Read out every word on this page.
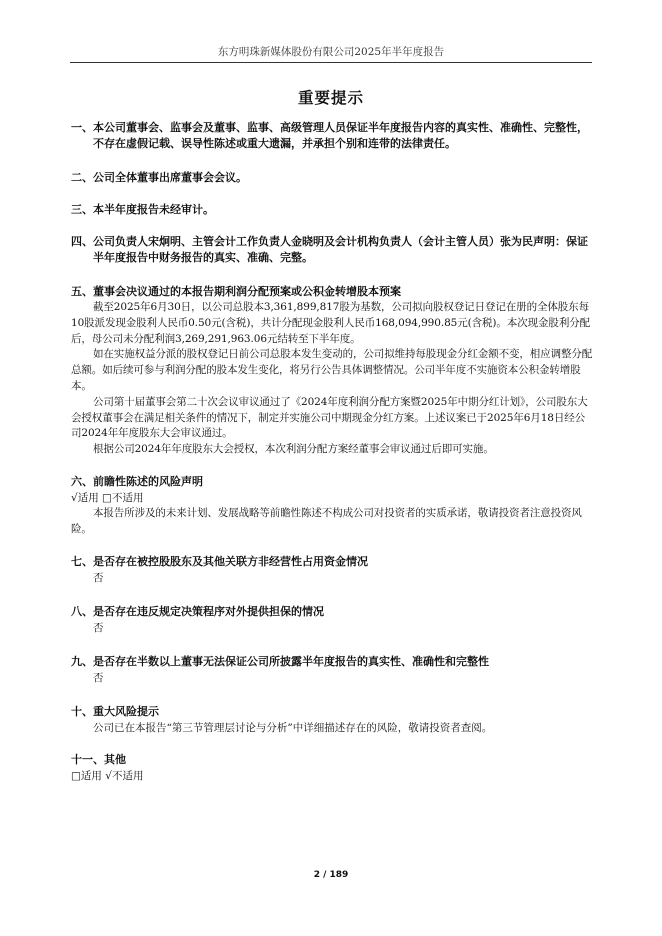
东方明珠新媒体股份有限公司2025年半年度报告
重要提示
一、 本公司董事会、监事会及董事、监事、高级管理人员保证半年度报告内容的真实性、准确性、完整性，不存在虚假记载、误导性陈述或重大遗漏，并承担个别和连带的法律责任。
二、 公司全体董事出席董事会会议。
三、 本半年度报告未经审计。
四、 公司负责人宋炯明、主管会计工作负责人金晓明及会计机构负责人（会计主管人员）张为民声明：保证半年度报告中财务报告的真实、准确、完整。
五、 董事会决议通过的本报告期利润分配预案或公积金转增股本预案
截至2025年6月30日，以公司总股本3,361,899,817股为基数，公司拟向股权登记日登记在册的全体股东每10股派发现金股利人民币0.50元(含税)，共计分配现金股利人民币168,094,990.85元(含税)。本次现金股利分配后，母公司未分配利润3,269,291,963.06元结转至下半年度。
如在实施权益分派的股权登记日前公司总股本发生变动的，公司拟维持每股现金分红金额不变，相应调整分配总额。如后续可参与利润分配的股本发生变化，将另行公告具体调整情况。公司半年度不实施资本公积金转增股本。
公司第十届董事会第二十次会议审议通过了《2024年度利润分配方案暨2025年中期分红计划》，公司股东大会授权董事会在满足相关条件的情况下，制定并实施公司中期现金分红方案。上述议案已于2025年6月18日经公司2024年年度股东大会审议通过。
根据公司2024年年度股东大会授权，本次利润分配方案经董事会审议通过后即可实施。
六、 前瞻性陈述的风险声明
√适用 □不适用
本报告所涉及的未来计划、发展战略等前瞻性陈述不构成公司对投资者的实质承诺，敬请投资者注意投资风险。
七、 是否存在被控股股东及其他关联方非经营性占用资金情况
否
八、 是否存在违反规定决策程序对外提供担保的情况
否
九、 是否存在半数以上董事无法保证公司所披露半年度报告的真实性、准确性和完整性
否
十、 重大风险提示
公司已在本报告“第三节管理层讨论与分析”中详细描述存在的风险，敬请投资者查阅。
十一、 其他
□适用 √不适用
2 / 189
